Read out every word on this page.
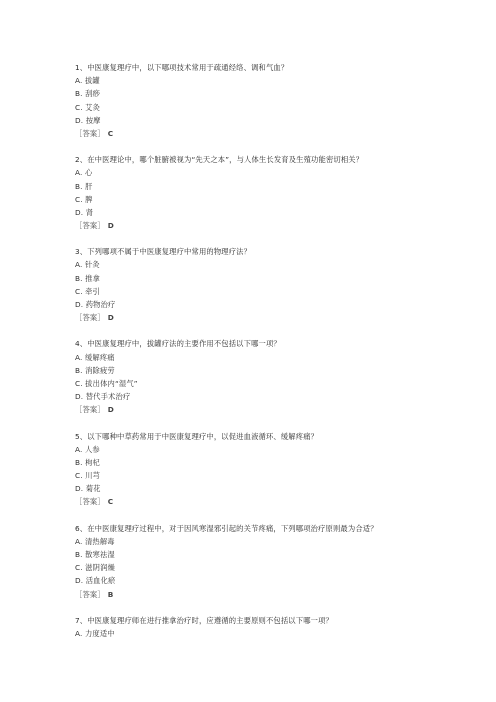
1、中医康复理疗中，以下哪项技术常用于疏通经络、调和气血？
A. 拔罐
B. 刮痧
C. 艾灸
D. 按摩
［答案］ C
2、在中医理论中，哪个脏腑被视为“先天之本”，与人体生长发育及生殖功能密切相关？
A. 心
B. 肝
C. 脾
D. 肾
［答案］ D
3、下列哪项不属于中医康复理疗中常用的物理疗法？
A. 针灸
B. 推拿
C. 牵引
D. 药物治疗
［答案］ D
4、中医康复理疗中，拔罐疗法的主要作用不包括以下哪一项？
A. 缓解疼痛
B. 消除疲劳
C. 拔出体内“湿气”
D. 替代手术治疗
［答案］ D
5、以下哪种中草药常用于中医康复理疗中，以促进血液循环、缓解疼痛？
A. 人参
B. 枸杞
C. 川芎
D. 菊花
［答案］ C
6、在中医康复理疗过程中，对于因风寒湿邪引起的关节疼痛，下列哪项治疗原则最为合适？
A. 清热解毒
B. 散寒祛湿
C. 滋阴润燥
D. 活血化瘀
［答案］ B
7、中医康复理疗师在进行推拿治疗时，应遵循的主要原则不包括以下哪一项？
A. 力度适中
